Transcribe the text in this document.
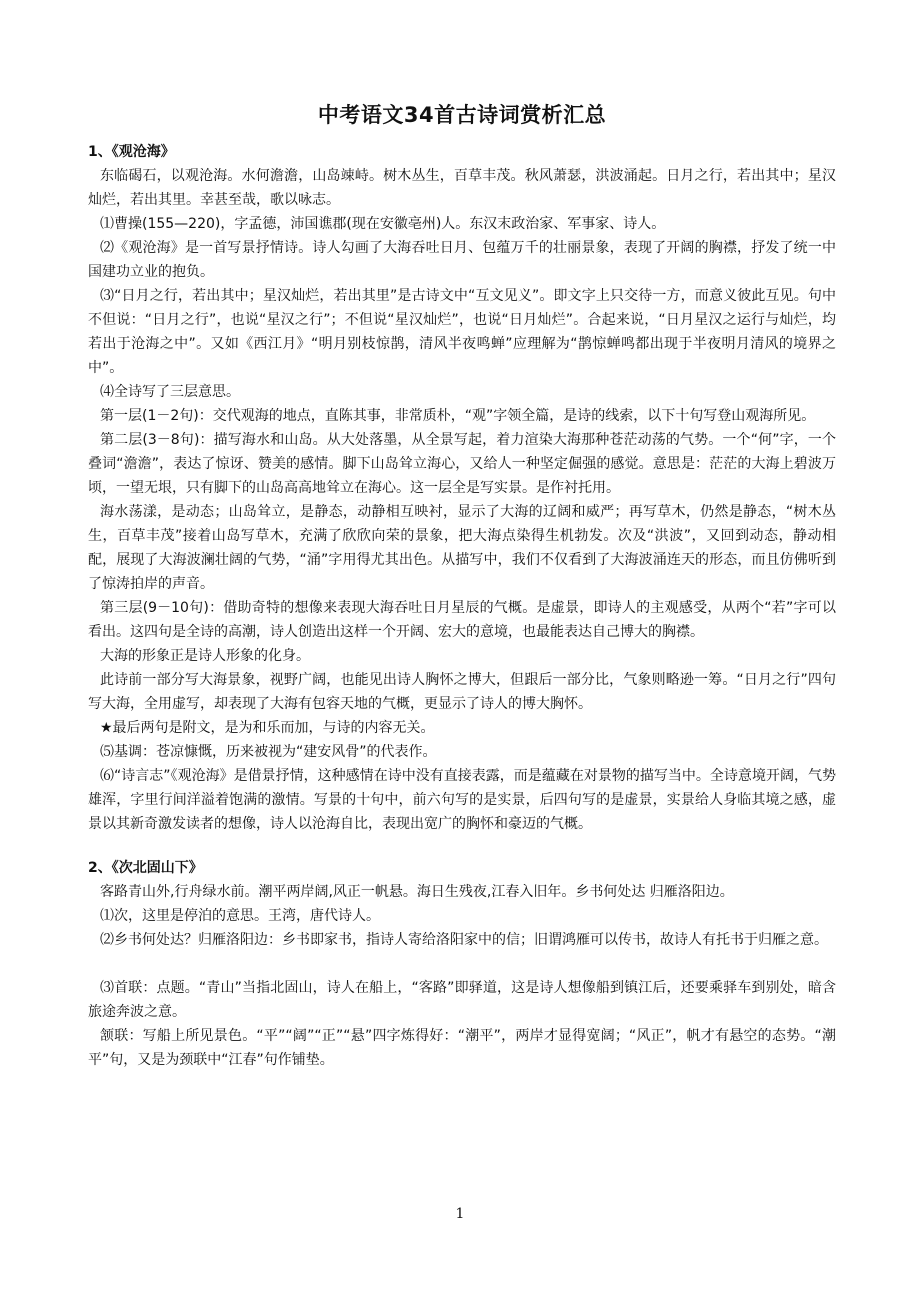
中考语文34首古诗词赏析汇总
1、《观沧海》

东临碣石，以观沧海。水何澹澹，山岛竦峙。树木丛生，百草丰茂。秋风萧瑟，洪波涌起。日月之行，若出其中；星汉灿烂，若出其里。幸甚至哉，歌以咏志。

⑴曹操(155—220)，字孟德，沛国谯郡(现在安徽亳州)人。东汉末政治家、军事家、诗人。

⑵《观沧海》是一首写景抒情诗。诗人勾画了大海吞吐日月、包蕴万千的壮丽景象，表现了开阔的胸襟，抒发了统一中国建功立业的抱负。

⑶“日月之行，若出其中；星汉灿烂，若出其里”是古诗文中“互文见义”。即文字上只交待一方，而意义彼此互见。句中不但说：“日月之行”，也说“星汉之行”；不但说“星汉灿烂”，也说“日月灿烂”。合起来说，“日月星汉之运行与灿烂，均若出于沧海之中”。又如《西江月》“明月别枝惊鹊，清风半夜鸣蝉”应理解为“鹊惊蝉鸣都出现于半夜明月清风的境界之中”。

⑷全诗写了三层意思。

第一层(1－2句)：交代观海的地点，直陈其事，非常质朴，“观”字领全篇，是诗的线索，以下十句写登山观海所见。

第二层(3－8句)：描写海水和山岛。从大处落墨，从全景写起，着力渲染大海那种苍茫动荡的气势。一个“何”字，一个叠词“澹澹”，表达了惊讶、赞美的感情。脚下山岛耸立海心，又给人一种坚定倔强的感觉。意思是：茫茫的大海上碧波万顷，一望无垠，只有脚下的山岛高高地耸立在海心。这一层全是写实景。是作衬托用。

海水荡漾，是动态；山岛耸立，是静态，动静相互映衬，显示了大海的辽阔和威严；再写草木，仍然是静态，“树木丛生，百草丰茂”接着山岛写草木，充满了欣欣向荣的景象，把大海点染得生机勃发。次及“洪波”，又回到动态，静动相配，展现了大海波澜壮阔的气势，“涌”字用得尤其出色。从描写中，我们不仅看到了大海波涌连天的形态，而且仿佛听到了惊涛拍岸的声音。

第三层(9－10句)：借助奇特的想像来表现大海吞吐日月星辰的气概。是虚景，即诗人的主观感受，从两个“若”字可以看出。这四句是全诗的高潮，诗人创造出这样一个开阔、宏大的意境，也最能表达自己博大的胸襟。

大海的形象正是诗人形象的化身。

此诗前一部分写大海景象，视野广阔，也能见出诗人胸怀之博大，但跟后一部分比，气象则略逊一筹。“日月之行”四句写大海，全用虚写，却表现了大海有包容天地的气概，更显示了诗人的博大胸怀。

★最后两句是附文，是为和乐而加，与诗的内容无关。

⑸基调：苍凉慷慨，历来被视为“建安风骨”的代表作。

⑹“诗言志”《观沧海》是借景抒情，这种感情在诗中没有直接表露，而是蕴藏在对景物的描写当中。全诗意境开阔，气势雄浑，字里行间洋溢着饱满的激情。写景的十句中，前六句写的是实景，后四句写的是虚景，实景给人身临其境之感，虚景以其新奇激发读者的想像，诗人以沧海自比，表现出宽广的胸怀和豪迈的气概。

2、《次北固山下》

客路青山外,行舟绿水前。潮平两岸阔,风正一帆悬。海日生残夜,江春入旧年。乡书何处达 归雁洛阳边。

⑴次，这里是停泊的意思。王湾，唐代诗人。

⑵乡书何处达？归雁洛阳边：乡书即家书，指诗人寄给洛阳家中的信；旧谓鸿雁可以传书，故诗人有托书于归雁之意。

⑶首联：点题。“青山”当指北固山，诗人在船上，“客路”即驿道，这是诗人想像船到镇江后，还要乘驿车到别处，暗含旅途奔波之意。

颔联：写船上所见景色。“平”“阔”“正”“悬”四字炼得好：“潮平”，两岸才显得宽阔；“风正”，帆才有悬空的态势。“潮平”句，又是为颈联中“江春”句作铺垫。

1
